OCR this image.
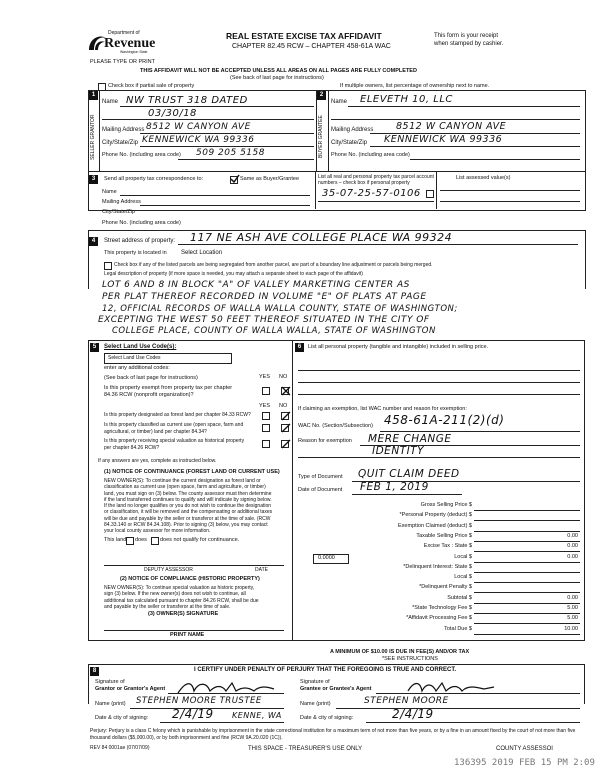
Department of
Revenue
Washington State
PLEASE TYPE OR PRINT
REAL ESTATE EXCISE TAX AFFIDAVIT
CHAPTER 82.45 RCW – CHAPTER 458-61A WAC
THIS AFFIDAVIT WILL NOT BE ACCEPTED UNLESS ALL AREAS ON ALL PAGES ARE FULLY COMPLETED
(See back of last page for instructions)
This form is your receipt
when stamped by cashier.
Check box if partial sale of property	If multiple owners, list percentage of ownership next to name.
1
SELLER GRANTOR
Name NW TRUST 318 DATED
03/30/18
Mailing Address 8512 W CANYON AVE
City/State/Zip KENNEWICK WA 99336
Phone No. (including area code) 509 205 5158
2
BUYER GRANTEE
Name ELEVETH 10, LLC
Mailing Address 8512 W CANYON AVE
City/State/Zip KENNEWICK WA 99336
Phone No. (including area code)
3	Send all property tax correspondence to:	Same as Buyer/Grantee
Name
Mailing Address
List all real and personal property tax parcel account numbers – check box if personal property
List assessed value(s)
35-07-25-57-0106
City/State/Zip
Phone No. (including area code)
4	Street address of property: 117 NE ASH AVE COLLEGE PLACE WA 99324
This property is located in Select Location
Check box if any of the listed parcels are being segregated from another parcel, are part of a boundary line adjustment or parcels being merged.
Legal description of property (if more space is needed, you may attach a separate sheet to each page of the affidavit)
LOT 6 AND 8 IN BLOCK "A" OF VALLEY MARKETING CENTER AS
PER PLAT THEREOF RECORDED IN VOLUME "E" OF PLATS AT PAGE
12, OFFICIAL RECORDS OF WALLA WALLA COUNTY, STATE OF WASHINGTON;
EXCEPTING THE WEST 50 FEET THEREOF SITUATED IN THE CITY OF
COLLEGE PLACE, COUNTY OF WALLA WALLA, STATE OF WASHINGTON
5	Select Land Use Code(s):
Select Land Use Codes
enter any additional codes:
(See back of last page for instructions)	YES NO
Is this property exempt from property tax per chapter
84.36 RCW (nonprofit organization)?
YES NO
Is this property designated as forest land per chapter 84.33 RCW?
Is this property classified as current use (open space, farm and
agricultural, or timber) land per chapter 84.34?
Is this property receiving special valuation as historical property
per chapter 84.26 RCW?
If any answers are yes, complete as instructed below.
(1) NOTICE OF CONTINUANCE (FOREST LAND OR CURRENT USE)
NEW OWNER(S): To continue the current designation as forest land or
classification as current use (open space, farm and agriculture, or timber)
land, you must sign on (3) below. The county assessor must then determine
if the land transferred continues to qualify and will indicate by signing below.
If the land no longer qualifies or you do not wish to continue the designation
or classification, it will be removed and the compensating or additional taxes
will be due and payable by the seller or transferor at the time of sale. (RCW
84.33.140 or RCW 84.34.108). Prior to signing (3) below, you may contact
your local county assessor for more information.
This land does does not qualify for continuance.
DEPUTY ASSESSOR	DATE
(2) NOTICE OF COMPLIANCE (HISTORIC PROPERTY)
NEW OWNER(S): To continue special valuation as historic property,
sign (3) below. If the new owner(s) does not wish to continue, all
additional tax calculated pursuant to chapter 84.26 RCW, shall be due
and payable by the seller or transferor at the time of sale.
(3) OWNER(S) SIGNATURE
PRINT NAME
6	List all personal property (tangible and intangible) included in selling price.
If claiming an exemption, list WAC number and reason for exemption:
WAC No. (Section/Subsection) 458-61A-211(2)(d)
Reason for exemption MERE CHANGE
IDENTITY
Type of Document QUIT CLAIM DEED
Date of Document FEB 1, 2019
Gross Selling Price $
*Personal Property (deduct) $
Exemption Claimed (deduct) $
Taxable Selling Price $	0.00
Excise Tax : State $	0.00
Local $	0.00
*Delinquent Interest: State $
Local $
*Delinquent Penalty $
Subtotal $	0.00
*State Technology Fee $	5.00
*Affidavit Processing Fee $	5.00
Total Due $	10.00
0.0000
A MINIMUM OF $10.00 IS DUE IN FEE(S) AND/OR TAX
*SEE INSTRUCTIONS
8	I CERTIFY UNDER PENALTY OF PERJURY THAT THE FOREGOING IS TRUE AND CORRECT.
Signature of
Grantor or Grantor's Agent
Name (print) STEPHEN MOORE TRUSTEE
Date & city of signing: 2/4/19 KENNE, WA
Signature of
Grantee or Grantee's Agent
Name (print)	STEPHEN MOORE
Date & city of signing:	2/4/19
Perjury: Perjury is a class C felony which is punishable by imprisonment in the state correctional institution for a maximum term of not more than five years, or by a fine in an amount fixed by the court of not more than five thousand dollars ($5,000.00), or by both imprisonment and fine (RCW 9A.20.020 (1C)).
REV 84 0001ae (07/07/09)	THIS SPACE - TREASURER'S USE ONLY	COUNTY ASSESSOI
136395 2019 FEB 15 PM 2:09
